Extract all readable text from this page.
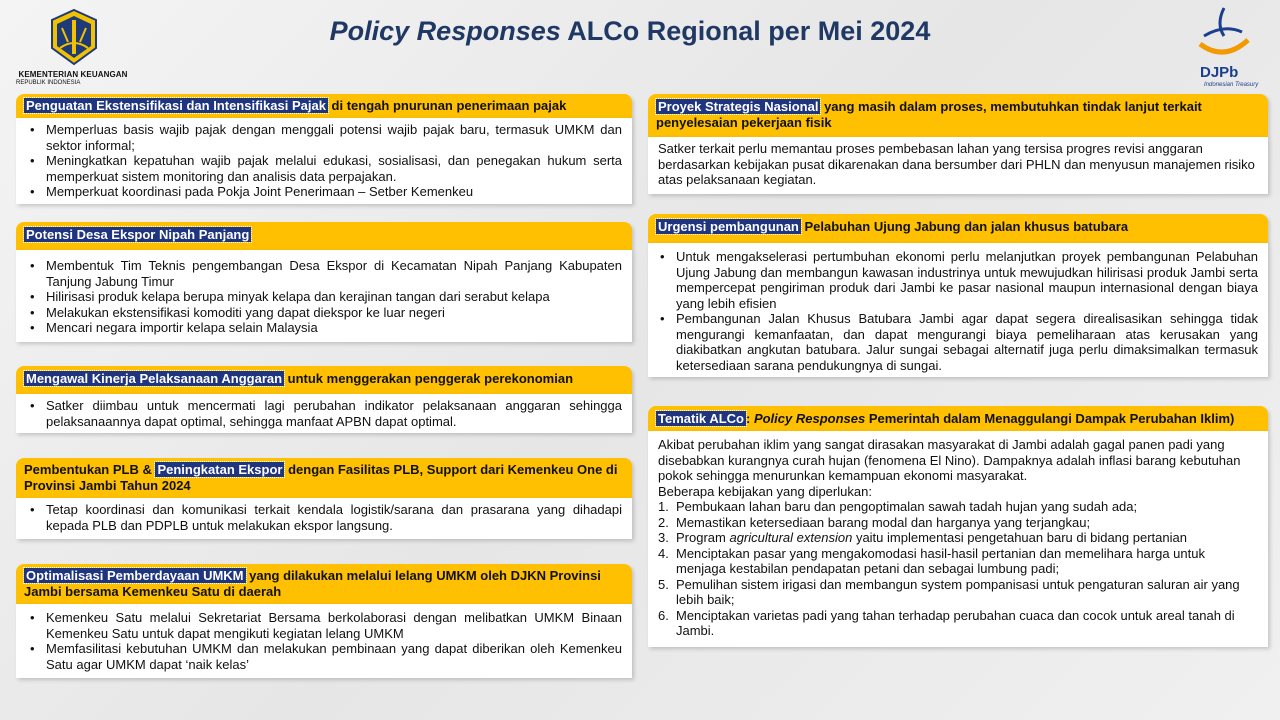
KEMENTERIAN KEUANGAN
REPUBLIK INDONESIA
Policy Responses ALCo Regional per Mei 2024
DJPb
Indonesian Treasury
Penguatan Ekstensifikasi dan Intensifikasi Pajak di tengah pnurunan penerimaan pajak
• Memperluas basis wajib pajak dengan menggali potensi wajib pajak baru, termasuk UMKM dan sektor informal;
• Meningkatkan kepatuhan wajib pajak melalui edukasi, sosialisasi, dan penegakan hukum serta memperkuat sistem monitoring dan analisis data perpajakan.
• Memperkuat koordinasi pada Pokja Joint Penerimaan – Setber Kemenkeu
Potensi Desa Ekspor Nipah Panjang
• Membentuk Tim Teknis pengembangan Desa Ekspor di Kecamatan Nipah Panjang Kabupaten Tanjung Jabung Timur
• Hilirisasi produk kelapa berupa minyak kelapa dan kerajinan tangan dari serabut kelapa
• Melakukan ekstensifikasi komoditi yang dapat diekspor ke luar negeri
• Mencari negara importir kelapa selain Malaysia
Mengawal Kinerja Pelaksanaan Anggaran untuk menggerakan penggerak perekonomian
• Satker diimbau untuk mencermati lagi perubahan indikator pelaksanaan anggaran sehingga pelaksanaannya dapat optimal, sehingga manfaat APBN dapat optimal.
Pembentukan PLB & Peningkatan Ekspor dengan Fasilitas PLB, Support dari Kemenkeu One di Provinsi Jambi Tahun 2024
• Tetap koordinasi dan komunikasi terkait kendala logistik/sarana dan prasarana yang dihadapi kepada PLB dan PDPLB untuk melakukan ekspor langsung.
Optimalisasi Pemberdayaan UMKM yang dilakukan melalui lelang UMKM oleh DJKN Provinsi Jambi bersama Kemenkeu Satu di daerah
• Kemenkeu Satu melalui Sekretariat Bersama berkolaborasi dengan melibatkan UMKM Binaan Kemenkeu Satu untuk dapat mengikuti kegiatan lelang UMKM
• Memfasilitasi kebutuhan UMKM dan melakukan pembinaan yang dapat diberikan oleh Kemenkeu Satu agar UMKM dapat ‘naik kelas’
Proyek Strategis Nasional yang masih dalam proses, membutuhkan tindak lanjut terkait penyelesaian pekerjaan fisik

Satker terkait perlu memantau proses pembebasan lahan yang tersisa progres revisi anggaran berdasarkan kebijakan pusat dikarenakan dana bersumber dari PHLN dan menyusun manajemen risiko atas pelaksanaan kegiatan.

Urgensi pembangunan Pelabuhan Ujung Jabung dan jalan khusus batubara
• Untuk mengakselerasi pertumbuhan ekonomi perlu melanjutkan proyek pembangunan Pelabuhan Ujung Jabung dan membangun kawasan industrinya untuk mewujudkan hilirisasi produk Jambi serta mempercepat pengiriman produk dari Jambi ke pasar nasional maupun internasional dengan biaya yang lebih efisien
• Pembangunan Jalan Khusus Batubara Jambi agar dapat segera direalisasikan sehingga tidak mengurangi kemanfaatan, dan dapat mengurangi biaya pemeliharaan atas kerusakan yang diakibatkan angkutan batubara. Jalur sungai sebagai alternatif juga perlu dimaksimalkan termasuk ketersediaan sarana pendukungnya di sungai.
Tematik ALCo : Policy Responses Pemerintah dalam Menaggulangi Dampak Perubahan Iklim)

Akibat perubahan iklim yang sangat dirasakan masyarakat di Jambi adalah gagal panen padi yang disebabkan kurangnya curah hujan (fenomena El Nino). Dampaknya adalah inflasi barang kebutuhan pokok sehingga menurunkan kemampuan ekonomi masyarakat.

Beberapa kebijakan yang diperlukan:

1. Pembukaan lahan baru dan pengoptimalan sawah tadah hujan yang sudah ada;
2. Memastikan ketersediaan barang modal dan harganya yang terjangkau;
3. Program agricultural extension yaitu implementasi pengetahuan baru di bidang pertanian
4. Menciptakan pasar yang mengakomodasi hasil-hasil pertanian dan memelihara harga untuk menjaga kestabilan pendapatan petani dan sebagai lumbung padi;
5. Pemulihan sistem irigasi dan membangun system pompanisasi untuk pengaturan saluran air yang lebih baik;
6. Menciptakan varietas padi yang tahan terhadap perubahan cuaca dan cocok untuk areal tanah di Jambi.
